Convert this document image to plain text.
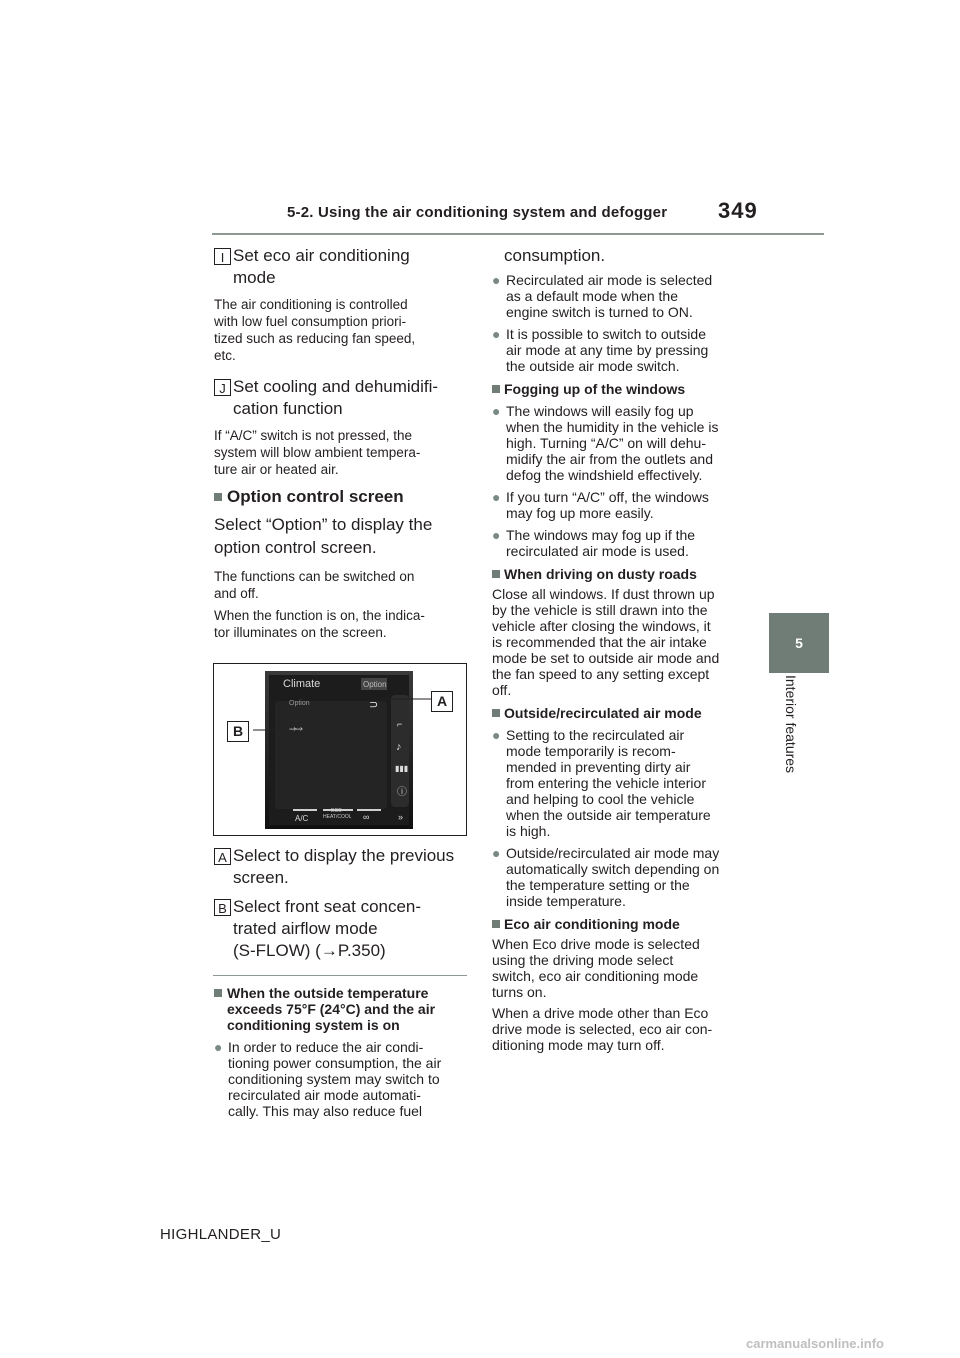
5-2. Using the air conditioning system and defogger 349
5
Interior features
I Set eco air conditioning
mode
The air conditioning is controlled
with low fuel consumption priori-
tized such as reducing fan speed,
etc.
J Set cooling and dehumidifi-
cation function
If “A/C” switch is not pressed, the
system will blow ambient tempera-
ture air or heated air.
Option control screen
Select “Option” to display the
option control screen.
The functions can be switched on
and off.
When the function is on, the indica-
tor illuminates on the screen.
Climate	Option
Option
⇝⇝
⊃
⌐
♪
▮▮▮
ⓘ
»
A/C
ECO
HEAT/COOL ∞
A
B
A Select to display the previous
screen.
B Select front seat concen-
trated airflow mode
(S-FLOW) (→P.350)
When the outside temperature
exceeds 75°F (24°C) and the air
conditioning system is on
● In order to reduce the air condi-
tioning power consumption, the air
conditioning system may switch to
recirculated air mode automati-
cally. This may also reduce fuel
consumption.
● Recirculated air mode is selected
as a default mode when the
engine switch is turned to ON.
● It is possible to switch to outside
air mode at any time by pressing
the outside air mode switch.
Fogging up of the windows
● The windows will easily fog up
when the humidity in the vehicle is
high. Turning “A/C” on will dehu-
midify the air from the outlets and
defog the windshield effectively.
● If you turn “A/C” off, the windows
may fog up more easily.
● The windows may fog up if the
recirculated air mode is used.
When driving on dusty roads
Close all windows. If dust thrown up
by the vehicle is still drawn into the
vehicle after closing the windows, it
is recommended that the air intake
mode be set to outside air mode and
the fan speed to any setting except
off.
Outside/recirculated air mode
● Setting to the recirculated air
mode temporarily is recom-
mended in preventing dirty air
from entering the vehicle interior
and helping to cool the vehicle
when the outside air temperature
is high.
● Outside/recirculated air mode may
automatically switch depending on
the temperature setting or the
inside temperature.
Eco air conditioning mode
When Eco drive mode is selected
using the driving mode select
switch, eco air conditioning mode
turns on.
When a drive mode other than Eco
drive mode is selected, eco air con-
ditioning mode may turn off.
HIGHLANDER_U
carmanualsonline.info
